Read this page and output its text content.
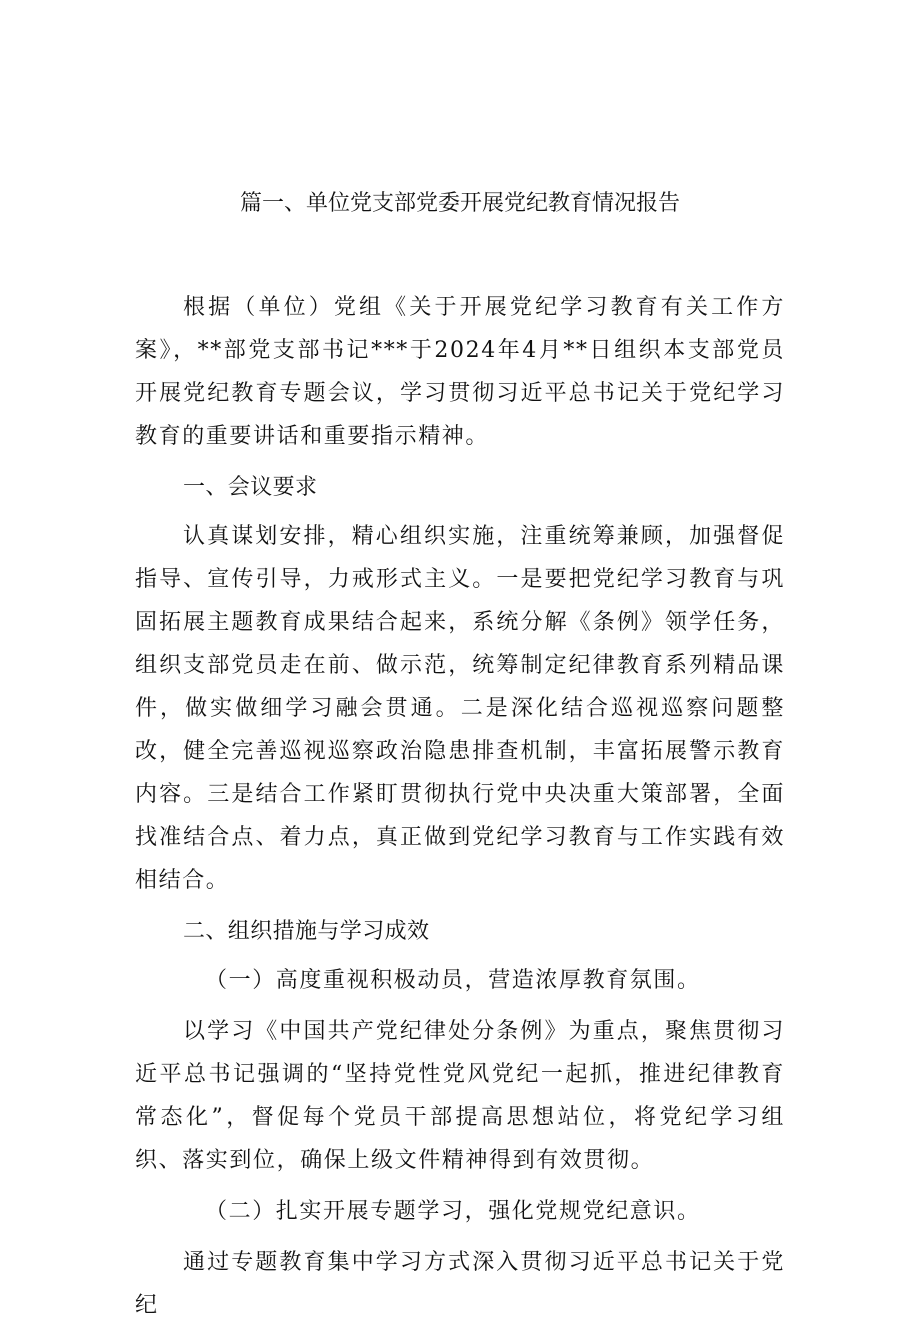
篇一、单位党支部党委开展党纪教育情况报告

根据（单位）党组《关于开展党纪学习教育有关工作方案》，**部党支部书记***于2024年4月**日组织本支部党员开展党纪教育专题会议，学习贯彻习近平总书记关于党纪学习教育的重要讲话和重要指示精神。

一、会议要求

认真谋划安排，精心组织实施，注重统筹兼顾，加强督促指导、宣传引导，力戒形式主义。一是要把党纪学习教育与巩固拓展主题教育成果结合起来，系统分解《条例》领学任务，组织支部党员走在前、做示范，统筹制定纪律教育系列精品课件，做实做细学习融会贯通。二是深化结合巡视巡察问题整改，健全完善巡视巡察政治隐患排查机制，丰富拓展警示教育内容。三是结合工作紧盯贯彻执行党中央决重大策部署，全面找准结合点、着力点，真正做到党纪学习教育与工作实践有效相结合。

二、组织措施与学习成效

（一）高度重视积极动员，营造浓厚教育氛围。

以学习《中国共产党纪律处分条例》为重点，聚焦贯彻习近平总书记强调的“坚持党性党风党纪一起抓，推进纪律教育常态化”，督促每个党员干部提高思想站位，将党纪学习组织、落实到位，确保上级文件精神得到有效贯彻。

（二）扎实开展专题学习，强化党规党纪意识。

通过专题教育集中学习方式深入贯彻习近平总书记关于党纪
